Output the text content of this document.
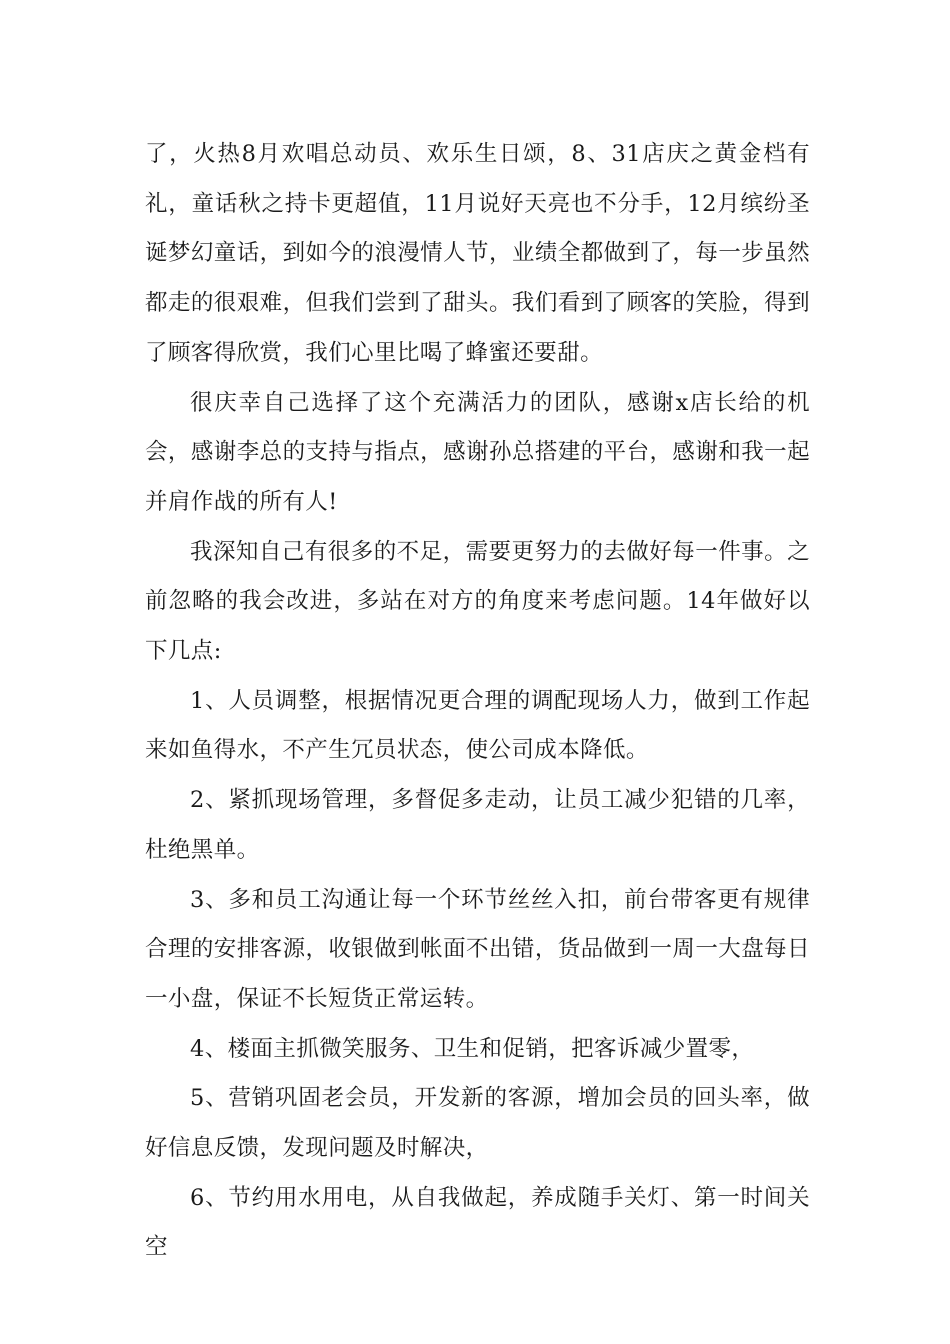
了，火热8月欢唱总动员、欢乐生日颂，8、31店庆之黄金档有礼，童话秋之持卡更超值，11月说好天亮也不分手，12月缤纷圣诞梦幻童话，到如今的浪漫情人节，业绩全都做到了，每一步虽然都走的很艰难，但我们尝到了甜头。我们看到了顾客的笑脸，得到了顾客得欣赏，我们心里比喝了蜂蜜还要甜。

很庆幸自己选择了这个充满活力的团队，感谢x店长给的机会，感谢李总的支持与指点，感谢孙总搭建的平台，感谢和我一起并肩作战的所有人!

我深知自己有很多的不足，需要更努力的去做好每一件事。之前忽略的我会改进，多站在对方的角度来考虑问题。14年做好以下几点:

1、人员调整，根据情况更合理的调配现场人力，做到工作起来如鱼得水，不产生冗员状态，使公司成本降低。

2、紧抓现场管理，多督促多走动，让员工减少犯错的几率，杜绝黑单。

3、多和员工沟通让每一个环节丝丝入扣，前台带客更有规律合理的安排客源，收银做到帐面不出错，货品做到一周一大盘每日一小盘，保证不长短货正常运转。

4、楼面主抓微笑服务、卫生和促销，把客诉减少置零，

5、营销巩固老会员，开发新的客源，增加会员的回头率，做好信息反馈，发现问题及时解决，

6、节约用水用电，从自我做起，养成随手关灯、第一时间关空
